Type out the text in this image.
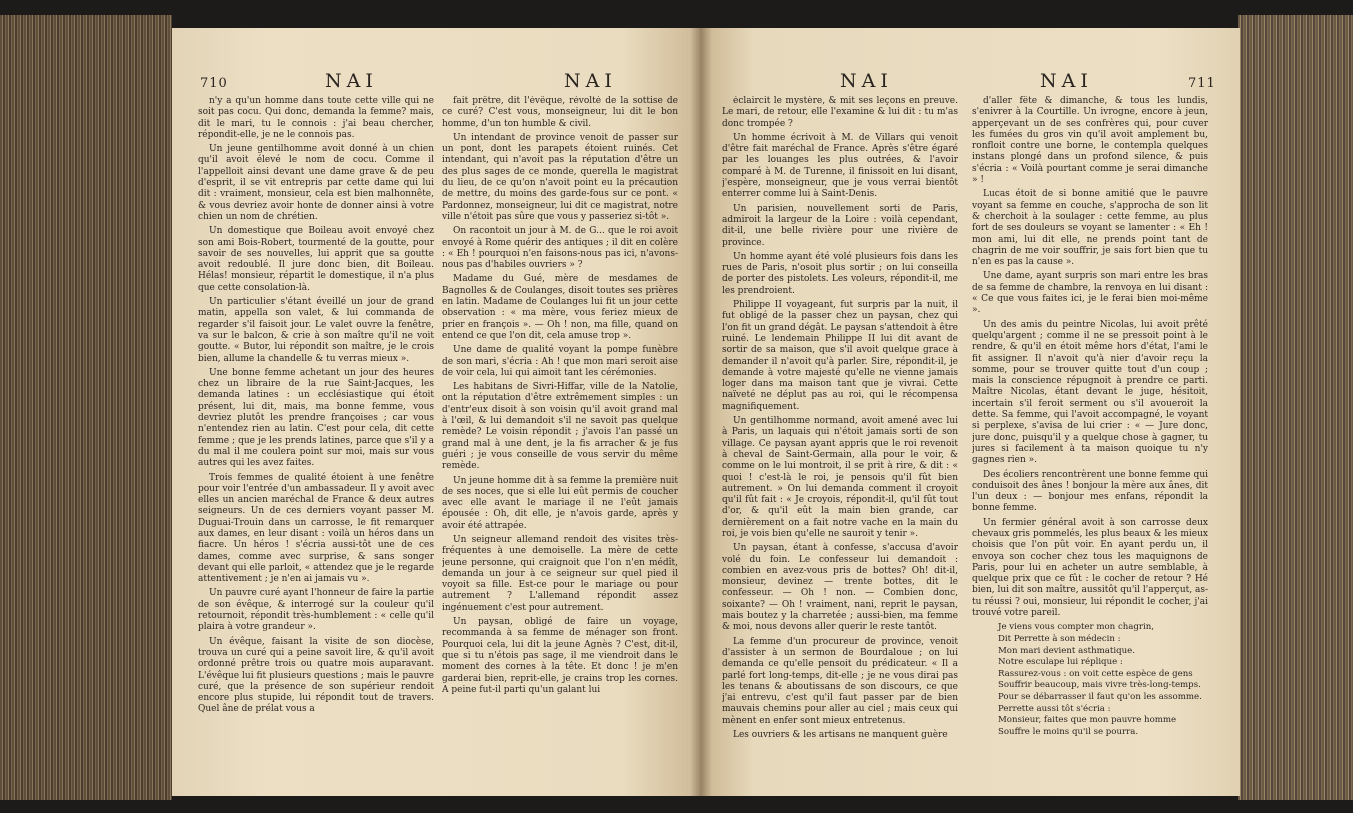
710	NAI	NAI

n'y a qu'un homme dans toute cette ville qui ne soit pas cocu. Qui donc, demanda la femme? mais, dit le mari, tu le connois : j'ai beau chercher, répondit-elle, je ne le connois pas.

Un jeune gentilhomme avoit donné à un chien qu'il avoit élevé le nom de cocu. Comme il l'appelloit ainsi devant une dame grave & de peu d'esprit, il se vit entrepris par cette dame qui lui dit : vraiment, monsieur, cela est bien malhonnête, & vous devriez avoir honte de donner ainsi à votre chien un nom de chrétien.

Un domestique que Boileau avoit envoyé chez son ami Bois-Robert, tourmenté de la goutte, pour savoir de ses nouvelles, lui apprit que sa goutte avoit redoublé. Il jure donc bien, dit Boileau. Hélas! monsieur, répartit le domestique, il n'a plus que cette consolation-là.

Un particulier s'étant éveillé un jour de grand matin, appella son valet, & lui commanda de regarder s'il faisoit jour. Le valet ouvre la fenêtre, va sur le balcon, & crie à son maître qu'il ne voit goutte. « Butor, lui répondit son maître, je le crois bien, allume la chandelle & tu verras mieux ».

Une bonne femme achetant un jour des heures chez un libraire de la rue Saint-Jacques, les demanda latines : un ecclésiastique qui étoit présent, lui dit, mais, ma bonne femme, vous devriez plutôt les prendre françoises ; car vous n'entendez rien au latin. C'est pour cela, dit cette femme ; que je les prends latines, parce que s'il y a du mal il me coulera point sur moi, mais sur vous autres qui les avez faites.

Trois femmes de qualité étoient à une fenêtre pour voir l'entrée d'un ambassadeur. Il y avoit avec elles un ancien maréchal de France & deux autres seigneurs. Un de ces derniers voyant passer M. Duguai-Trouin dans un carrosse, le fit remarquer aux dames, en leur disant : voilà un héros dans un fiacre. Un héros ! s'écria aussi-tôt une de ces dames, comme avec surprise, & sans songer devant qui elle parloit, « attendez que je le regarde attentivement ; je n'en ai jamais vu ».

Un pauvre curé ayant l'honneur de faire la partie de son évêque, & interrogé sur la couleur qu'il retournoit, répondit très-humblement : « celle qu'il plaira à votre grandeur ».

Un évêque, faisant la visite de son diocèse, trouva un curé qui a peine savoit lire, & qu'il avoit ordonné prêtre trois ou quatre mois auparavant. L'évêque lui fit plusieurs questions ; mais le pauvre curé, que la présence de son supérieur rendoit encore plus stupide, lui répondit tout de travers. Quel âne de prélat vous a

fait prêtre, dit l'évêque, révolté de la sottise de ce curé? C'est vous, monseigneur, lui dit le bon homme, d'un ton humble & civil.

Un intendant de province venoit de passer sur un pont, dont les parapets étoient ruinés. Cet intendant, qui n'avoit pas la réputation d'être un des plus sages de ce monde, querella le magistrat du lieu, de ce qu'on n'avoit point eu la précaution de mettre, du moins des garde-fous sur ce pont. « Pardonnez, monseigneur, lui dit ce magistrat, notre ville n'étoit pas sûre que vous y passeriez si-tôt ».

On racontoit un jour à M. de G... que le roi avoit envoyé à Rome quérir des antiques ; il dit en colère : « Eh ! pourquoi n'en faisons-nous pas ici, n'avons-nous pas d'habiles ouvriers » ?

Madame du Gué, mère de mesdames de Bagnolles & de Coulanges, disoit toutes ses prières en latin. Madame de Coulanges lui fit un jour cette observation : « ma mère, vous feriez mieux de prier en françois ». — Oh ! non, ma fille, quand on entend ce que l'on dit, cela amuse trop ».

Une dame de qualité voyant la pompe funèbre de son mari, s'écria : Ah ! que mon mari seroit aise de voir cela, lui qui aimoit tant les cérémonies.

Les habitans de Sivri-Hiffar, ville de la Natolie, ont la réputation d'être extrêmement simples : un d'entr'eux disoit à son voisin qu'il avoit grand mal à l'œil, & lui demandoit s'il ne savoit pas quelque remède? Le voisin répondit ; j'avois l'an passé un grand mal à une dent, je la fis arracher & je fus guéri ; je vous conseille de vous servir du même remède.

Un jeune homme dit à sa femme la première nuit de ses noces, que si elle lui eût permis de coucher avec elle avant le mariage il ne l'eût jamais épousée : Oh, dit elle, je n'avois garde, après y avoir été attrapée.

Un seigneur allemand rendoit des visites très-fréquentes à une demoiselle. La mère de cette jeune personne, qui craignoit que l'on n'en médît, demanda un jour à ce seigneur sur quel pied il voyoit sa fille. Est-ce pour le mariage ou pour autrement ? L'allemand répondit assez ingénuement c'est pour autrement.

Un paysan, obligé de faire un voyage, recommanda à sa femme de ménager son front. Pourquoi cela, lui dit la jeune Agnès ? C'est, dit-il, que si tu n'étois pas sage, il me viendroit dans le moment des cornes à la tête. Et donc ! je m'en garderai bien, reprit-elle, je crains trop les cornes. A peine fut-il parti qu'un galant lui

NAI	NAI	711

éclaircit le mystère, & mit ses leçons en preuve. Le mari, de retour, elle l'examine & lui dit : tu m'as donc trompée ?

Un homme écrivoit à M. de Villars qui venoit d'être fait maréchal de France. Après s'être égaré par les louanges les plus outrées, & l'avoir comparé à M. de Turenne, il finissoit en lui disant, j'espère, monseigneur, que je vous verrai bientôt enterrer comme lui à Saint-Denis.

Un parisien, nouvellement sorti de Paris, admiroit la largeur de la Loire : voilà cependant, dit-il, une belle rivière pour une rivière de province.

Un homme ayant été volé plusieurs fois dans les rues de Paris, n'osoit plus sortir ; on lui conseilla de porter des pistolets. Les voleurs, répondit-il, me les prendroient.

Philippe II voyageant, fut surpris par la nuit, il fut obligé de la passer chez un paysan, chez qui l'on fit un grand dégât. Le paysan s'attendoit à être ruiné. Le lendemain Philippe II lui dit avant de sortir de sa maison, que s'il avoit quelque grace à demander il n'avoit qu'à parler. Sire, répondit-il, je demande à votre majesté qu'elle ne vienne jamais loger dans ma maison tant que je vivrai. Cette naïveté ne déplut pas au roi, qui le récompensa magnifiquement.

Un gentilhomme normand, avoit amené avec lui à Paris, un laquais qui n'étoit jamais sorti de son village. Ce paysan ayant appris que le roi revenoit à cheval de Saint-Germain, alla pour le voir, & comme on le lui montroit, il se prit à rire, & dit : « quoi ! c'est-là le roi, je pensois qu'il fût bien autrement. » On lui demanda comment il croyoit qu'il fût fait : « Je croyois, répondit-il, qu'il fût tout d'or, & qu'il eût la main bien grande, car dernièrement on a fait notre vache en la main du roi, je vois bien qu'elle ne sauroit y tenir ».

Un paysan, étant à confesse, s'accusa d'avoir volé du foin. Le confesseur lui demandoit : combien en avez-vous pris de bottes? Oh! dit-il, monsieur, devinez — trente bottes, dit le confesseur. — Oh ! non. — Combien donc, soixante? — Oh ! vraiment, nani, reprit le paysan, mais boutez y la charretée ; aussi-bien, ma femme & moi, nous devons aller querir le reste tantôt.

La femme d'un procureur de province, venoit d'assister à un sermon de Bourdaloue ; on lui demanda ce qu'elle pensoit du prédicateur. « Il a parlé fort long-temps, dit-elle ; je ne vous dirai pas les tenans & aboutissans de son discours, ce que j'ai entrevu, c'est qu'il faut passer par de bien mauvais chemins pour aller au ciel ; mais ceux qui mènent en enfer sont mieux entretenus.

Les ouvriers & les artisans ne manquent guère

d'aller fête & dimanche, & tous les lundis, s'enivrer à la Courtille. Un ivrogne, encore à jeun, apperçevant un de ses confrères qui, pour cuver les fumées du gros vin qu'il avoit amplement bu, ronfloit contre une borne, le contempla quelques instans plongé dans un profond silence, & puis s'écria : « Voilà pourtant comme je serai dimanche » !

Lucas étoit de si bonne amitié que le pauvre voyant sa femme en couche, s'approcha de son lit & cherchoit à la soulager : cette femme, au plus fort de ses douleurs se voyant se lamenter : « Eh ! mon ami, lui dit elle, ne prends point tant de chagrin de me voir souffrir, je sais fort bien que tu n'en es pas la cause ».

Une dame, ayant surpris son mari entre les bras de sa femme de chambre, la renvoya en lui disant : « Ce que vous faites ici, je le ferai bien moi-même ».

Un des amis du peintre Nicolas, lui avoit prêté quelqu'argent ; comme il ne se pressoit point à le rendre, & qu'il en étoit même hors d'état, l'ami le fit assigner. Il n'avoit qu'à nier d'avoir reçu la somme, pour se trouver quitte tout d'un coup ; mais la conscience répugnoit à prendre ce parti. Maître Nicolas, étant devant le juge, hésitoit, incertain s'il feroit serment ou s'il avoueroit la dette. Sa femme, qui l'avoit accompagné, le voyant si perplexe, s'avisa de lui crier : « — Jure donc, jure donc, puisqu'il y a quelque chose à gagner, tu jures si facilement à ta maison quoique tu n'y gagnes rien ».

Des écoliers rencontrèrent une bonne femme qui conduisoit des ânes ! bonjour la mère aux ânes, dit l'un deux : — bonjour mes enfans, répondit la bonne femme.

Un fermier général avoit à son carrosse deux chevaux gris pommelés, les plus beaux & les mieux choisis que l'on pût voir. En ayant perdu un, il envoya son cocher chez tous les maquignons de Paris, pour lui en acheter un autre semblable, à quelque prix que ce fût : le cocher de retour ? Hé bien, lui dit son maître, aussitôt qu'il l'apperçut, as-tu réussi ? oui, monsieur, lui répondit le cocher, j'ai trouvé votre pareil.

Je viens vous compter mon chagrin,
Dit Perrette à son médecin :
Mon mari devient asthmatique.
Notre esculape lui réplique :
Rassurez-vous : on voit cette espèce de gens
Souffrir beaucoup, mais vivre très-long-temps.
Pour se débarrasser il faut qu'on les assomme.
Perrette aussi tôt s'écria :
Monsieur, faites que mon pauvre homme
Souffre le moins qu'il se pourra.
